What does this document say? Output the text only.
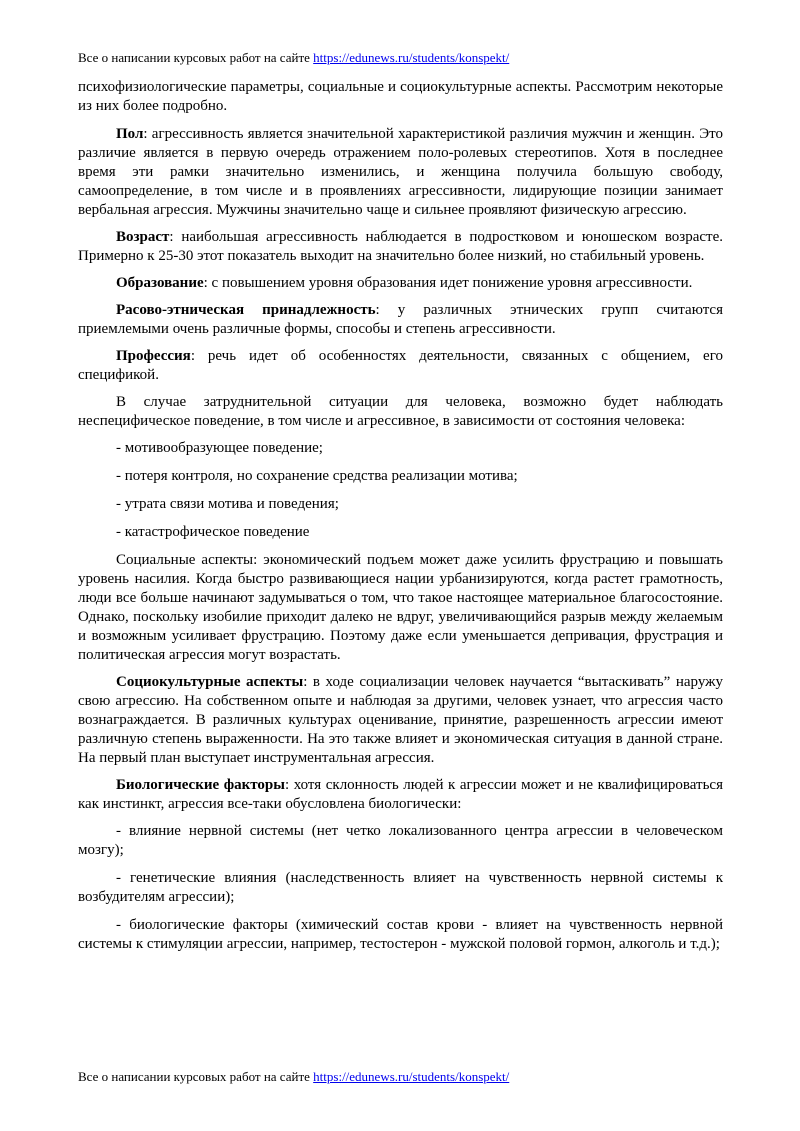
Все о написании курсовых работ на сайте https://edunews.ru/students/konspekt/

психофизиологические параметры, социальные и социокультурные аспекты. Рассмотрим некоторые из них более подробно.

Пол: агрессивность является значительной характеристикой различия мужчин и женщин. Это различие является в первую очередь отражением поло-ролевых стереотипов. Хотя в последнее время эти рамки значительно изменились, и женщина получила большую свободу, самоопределение, в том числе и в проявлениях агрессивности, лидирующие позиции занимает вербальная агрессия. Мужчины значительно чаще и сильнее проявляют физическую агрессию.

Возраст: наибольшая агрессивность наблюдается в подростковом и юношеском возрасте. Примерно к 25-30 этот показатель выходит на значительно более низкий, но стабильный уровень.

Образование: с повышением уровня образования идет понижение уровня агрессивности.

Расово-этническая принадлежность: у различных этнических групп считаются приемлемыми очень различные формы, способы и степень агрессивности.

Профессия: речь идет об особенностях деятельности, связанных с общением, его спецификой.

В случае затруднительной ситуации для человека, возможно будет наблюдать неспецифическое поведение, в том числе и агрессивное, в зависимости от состояния человека:

- мотивообразующее поведение;

- потеря контроля, но сохранение средства реализации мотива;

- утрата связи мотива и поведения;

- катастрофическое поведение

Социальные аспекты: экономический подъем может даже усилить фрустрацию и повышать уровень насилия. Когда быстро развивающиеся нации урбанизируются, когда растет грамотность, люди все больше начинают задумываться о том, что такое настоящее материальное благосостояние. Однако, поскольку изобилие приходит далеко не вдруг, увеличивающийся разрыв между желаемым и возможным усиливает фрустрацию. Поэтому даже если уменьшается депривация, фрустрация и политическая агрессия могут возрастать.

Социокультурные аспекты: в ходе социализации человек научается “вытаскивать” наружу свою агрессию. На собственном опыте и наблюдая за другими, человек узнает, что агрессия часто вознаграждается. В различных культурах оценивание, принятие, разрешенность агрессии имеют различную степень выраженности. На это также влияет и экономическая ситуация в данной стране. На первый план выступает инструментальная агрессия.

Биологические факторы: хотя склонность людей к агрессии может и не квалифицироваться как инстинкт, агрессия все-таки обусловлена биологически:

- влияние нервной системы (нет четко локализованного центра агрессии в человеческом мозгу);

- генетические влияния (наследственность влияет на чувственность нервной системы к возбудителям агрессии);

- биологические факторы (химический состав крови - влияет на чувственность нервной системы к стимуляции агрессии, например, тестостерон - мужской половой гормон, алкоголь и т.д.);

Все о написании курсовых работ на сайте https://edunews.ru/students/konspekt/
